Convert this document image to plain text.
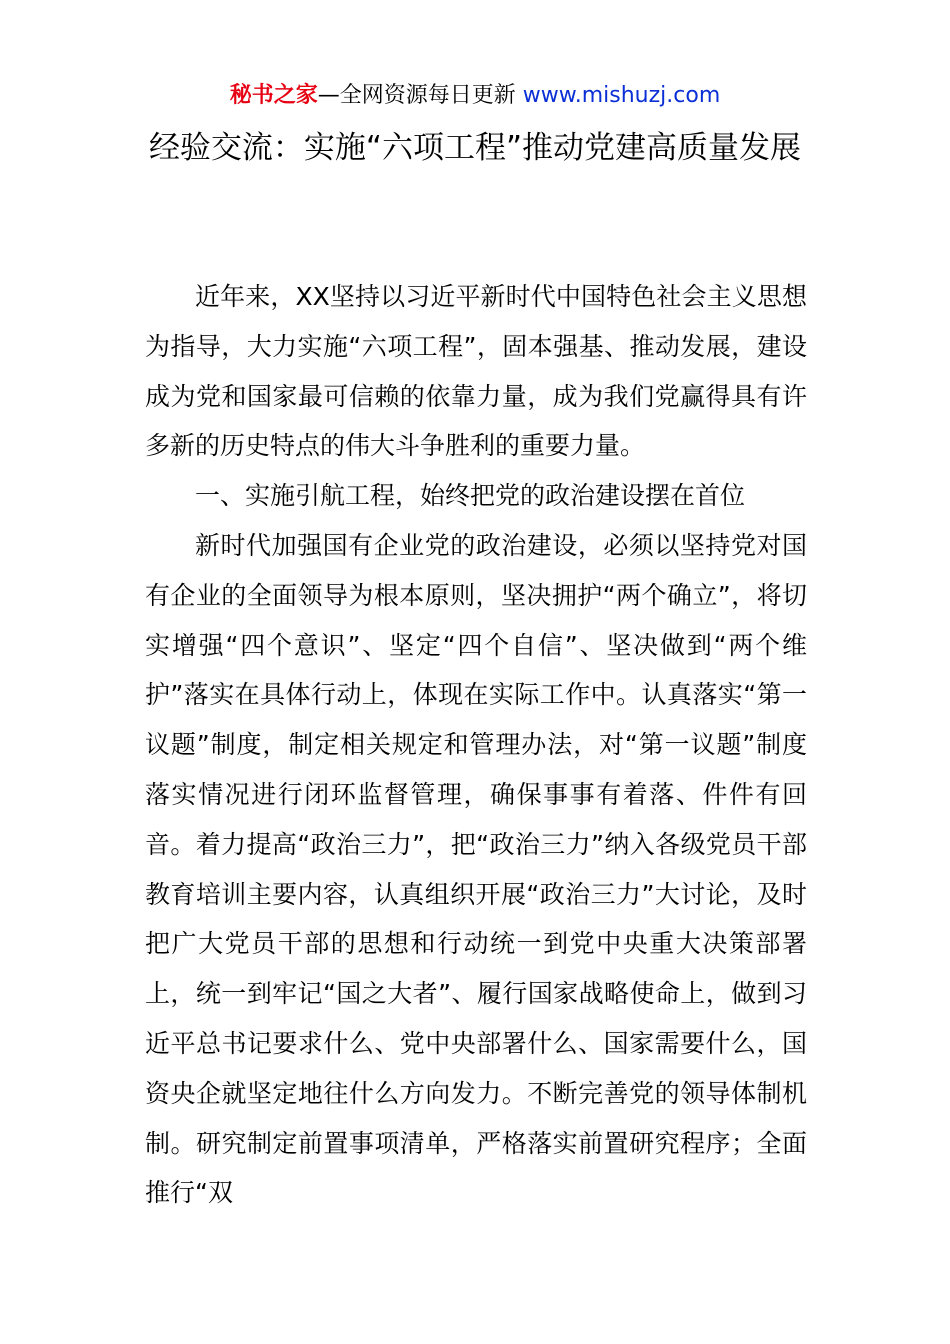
秘书之家—全网资源每日更新 www.mishuzj.com
经验交流：实施“六项工程”推动党建高质量发展

近年来，XX坚持以习近平新时代中国特色社会主义思想为指导，大力实施“六项工程”，固本强基、推动发展，建设成为党和国家最可信赖的依靠力量，成为我们党赢得具有许多新的历史特点的伟大斗争胜利的重要力量。

一、实施引航工程，始终把党的政治建设摆在首位

新时代加强国有企业党的政治建设，必须以坚持党对国有企业的全面领导为根本原则，坚决拥护“两个确立”，将切实增强“四个意识”、坚定“四个自信”、坚决做到“两个维护”落实在具体行动上，体现在实际工作中。认真落实“第一议题”制度，制定相关规定和管理办法，对“第一议题”制度落实情况进行闭环监督管理，确保事事有着落、件件有回音。着力提高“政治三力”，把“政治三力”纳入各级党员干部教育培训主要内容，认真组织开展“政治三力”大讨论，及时把广大党员干部的思想和行动统一到党中央重大决策部署上，统一到牢记“国之大者”、履行国家战略使命上，做到习近平总书记要求什么、党中央部署什么、国家需要什么，国资央企就坚定地往什么方向发力。不断完善党的领导体制机制。研究制定前置事项清单，严格落实前置研究程序；全面推行“双
